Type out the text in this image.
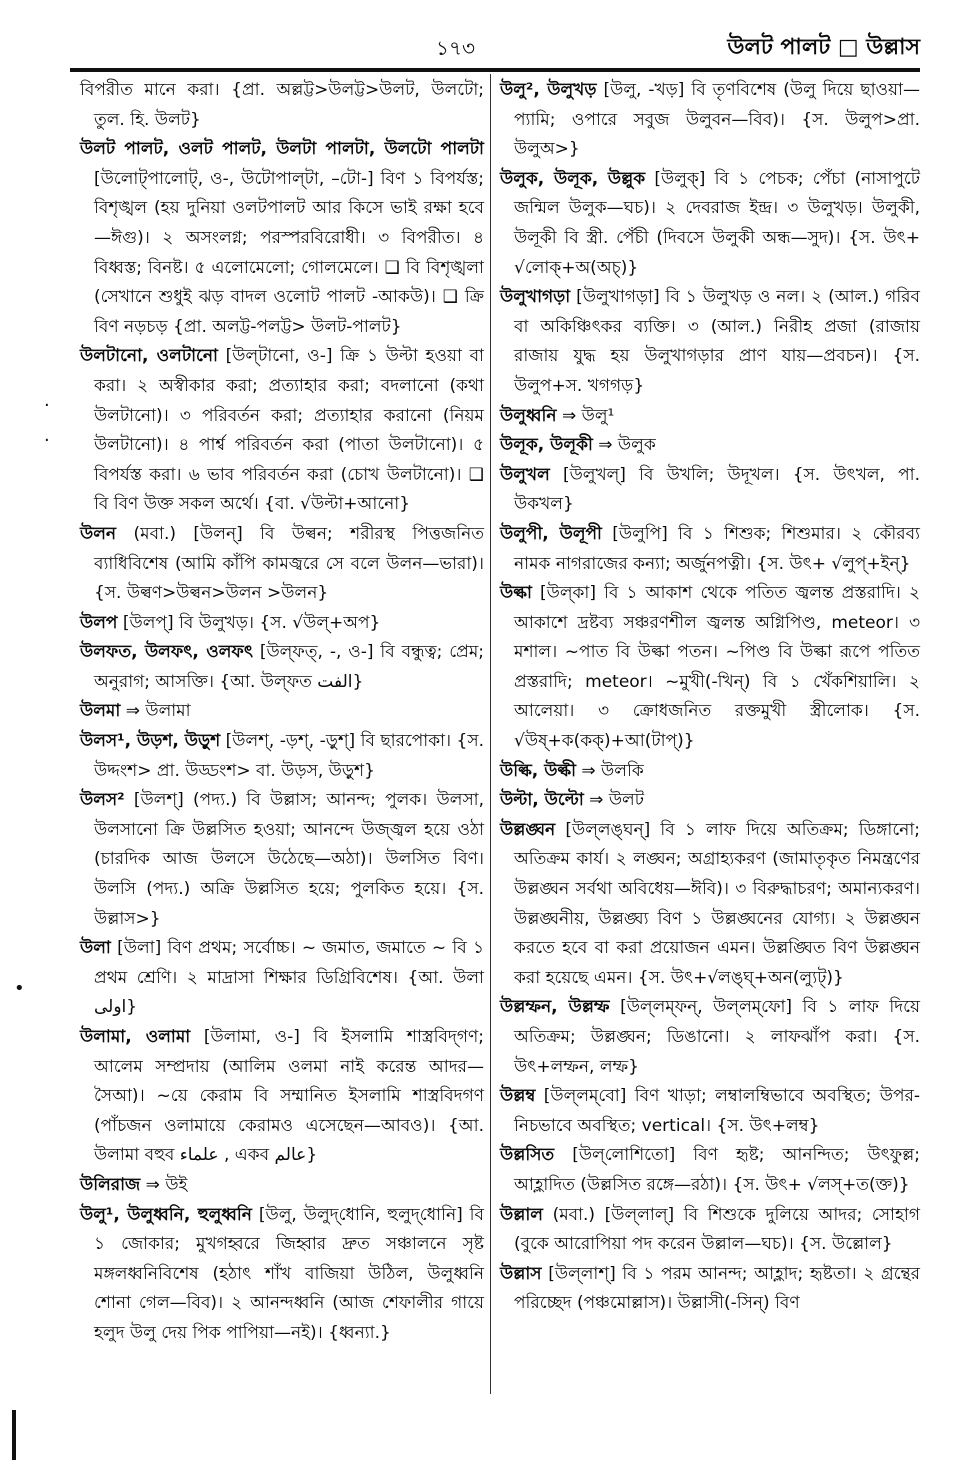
১৭৩	উলট পালট □ উল্লাস
·
·
•

বিপরীত মানে করা। {প্রা. অল্লট্ট>উলট্ট>উলট, উলটো; তুল. হি. উলট}

উলট পালট, ওলট পালট, উলটা পালটা, উলটো পালটা [উলোট্‌পালোট্‌, ও-, উটোপাল্‌টা, –টো-] বিণ ১ বিপর্যস্ত; বিশৃঙ্খল (হয় দুনিয়া ওলটপালট আর কিসে ভাই রক্ষা হবে—ঈগু)। ২ অসংলগ্ন; পরস্পরবিরোধী। ৩ বিপরীত। ৪ বিধ্বস্ত; বিনষ্ট। ৫ এলোমেলো; গোলমেলে। ❑ বি বিশৃঙ্খলা (সেখানে শুধুই ঝড় বাদল ওলোট পালট -আকউ)। ❑ ক্রি বিণ নড়চড় {প্রা. অলট্ট-পলট্ট> উলট-পালট}

উলটানো, ওলটানো [উল্‌টানো, ও-] ক্রি ১ উল্টা হওয়া বা করা। ২ অস্বীকার করা; প্রত্যাহার করা; বদলানো (কথা উলটানো)। ৩ পরিবর্তন করা; প্রত্যাহার করানো (নিয়ম উলটানো)। ৪ পার্শ্ব পরিবর্তন করা (পাতা উলটানো)। ৫ বিপর্যস্ত করা। ৬ ভাব পরিবর্তন করা (চোখ উলটানো)। ❑ বি বিণ উক্ত সকল অর্থে। {বা. √উল্টা+আনো}

উলন (মবা.) [উলন্‌] বি উল্বন; শরীরস্থ পিত্তজনিত ব্যাধিবিশেষ (আমি কাঁপি কামজ্বরে সে বলে উলন—ভারা)। {স. উল্বণ>উল্বন>উলন >উলন}

উলপ [উলপ্‌] বি উলুখড়। {স. √উল্‌+অপ}

উলফত, উলফৎ, ওলফৎ [উল্‌ফত্‌, -, ও-] বি বন্ধুত্ব; প্রেম; অনুরাগ; আসক্তি। {আ. উল্‌ফত الفت}

উলমা ⇒ উলামা

উলস¹, উড়শ, উড়ুশ [উলশ্‌, -ড়শ্‌, -ড়ুশ্‌] বি ছারপোকা। {স. উদ্দংশ> প্রা. উড্ডংশ> বা. উড়স, উড়ুশ}

উলস² [উলশ্‌] (পদ্য.) বি উল্লাস; আনন্দ; পুলক। উলসা, উলসানো ক্রি উল্লসিত হওয়া; আনন্দে উজ্জ্বল হয়ে ওঠা (চারদিক আজ উলসে উঠেছে—অঠা)। উলসিত বিণ। উলসি (পদ্য.) অক্রি উল্লসিত হয়ে; পুলকিত হয়ে। {স. উল্লাস>}

উলা [উলা] বিণ প্রথম; সর্বোচ্চ। ~ জমাত, জমাতে ~ বি ১ প্রথম শ্রেণি। ২ মাদ্রাসা শিক্ষার ডিগ্রিবিশেষ। {আ. উলা اولی}

উলামা, ওলামা [উলামা, ও-] বি ইসলামি শাস্ত্রবিদ্‌গণ; আলেম সম্প্রদায় (আলিম ওলমা নাই করেন্ত আদর—সৈআ)। ~য়ে কেরাম বি সম্মানিত ইসলামি শাস্ত্রবিদগণ (পাঁচজন ওলামায়ে কেরামও এসেছেন—আবও)। {আ. উলামা বহুব علماء , একব عالم}

উলিরাজ ⇒ উই

উলু¹, উলুধ্বনি, হুলুধ্বনি [উলু, উলুদ্‌ধোনি, হুলুদ্‌ধোনি] বি ১ জোকার; মুখগহ্বরে জিহ্বার দ্রুত সঞ্চালনে সৃষ্ট মঙ্গলধ্বনিবিশেষ (হঠাৎ শাঁখ বাজিয়া উঠিল, উলুধ্বনি শোনা গেল—বিব)। ২ আনন্দধ্বনি (আজ শেফালীর গায়ে হলুদ উলু দেয় পিক পাপিয়া—নই)। {ধ্বন্যা.}

উলু², উলুখড় [উলু, -খড়] বি তৃণবিশেষ (উলু দিয়ে ছাওয়া—প্যামি; ওপারে সবুজ উলুবন—বিব)। {স. উলুপ>প্রা. উলুঅ>}

উলুক, উলূক, উল্লুক [উলুক্‌] বি ১ পেচক; পেঁচা (নাসাপুটে জন্মিল উলুক—ঘচ)। ২ দেবরাজ ইন্দ্র। ৩ উলুখড়। উলুকী, উলূকী বি স্ত্রী. পেঁচী (দিবসে উলুকী অন্ধ—সুদ)। {স. উৎ+ √লোক্‌+অ(অচ্‌)}

উলুখাগড়া [উলুখাগড়া] বি ১ উলুখড় ও নল। ২ (আল.) গরিব বা অকিঞ্চিৎকর ব্যক্তি। ৩ (আল.) নিরীহ প্রজা (রাজায় রাজায় যুদ্ধ হয় উলুখাগড়ার প্রাণ যায়—প্রবচন)। {স. উলুপ+স. খগগড়}

উলুধ্বনি ⇒ উলু¹

উলূক, উলূকী ⇒ উলুক

উলুখল [উলুখল্‌] বি উখলি; উদূখল। {স. উৎখল, পা. উকখল}

উলুপী, উলূপী [উলুপি] বি ১ শিশুক; শিশুমার। ২ কৌরব্য নামক নাগরাজের কন্যা; অর্জুনপত্নী। {স. উৎ+ √লুপ্‌+ইন্‌}

উল্কা [উল্‌কা] বি ১ আকাশ থেকে পতিত জ্বলন্ত প্রস্তরাদি। ২ আকাশে দ্রষ্টব্য সঞ্চরণশীল জ্বলন্ত অগ্নিপিণ্ড, meteor। ৩ মশাল। ~পাত বি উল্কা পতন। ~পিণ্ড বি উল্কা রূপে পতিত প্রস্তরাদি; meteor। ~মুখী(-খিন্‌) বি ১ খেঁকশিয়ালি। ২ আলেয়া। ৩ ক্রোধজনিত রক্তমুখী স্ত্রীলোক। {স. √উষ্‌+ক(কক্‌)+আ(টাপ্‌)}

উল্কি, উল্কী ⇒ উলকি

উল্টা, উল্টো ⇒ উলট

উল্লঙ্ঘন [উল্‌লঙ্‌ঘন্‌] বি ১ লাফ দিয়ে অতিক্রম; ডিঙ্গানো; অতিক্রম কার্য। ২ লঙ্ঘন; অগ্রাহ্যকরণ (জামাতৃকৃত নিমন্ত্রণের উল্লঙ্ঘন সর্বথা অবিধেয়—ঈবি)। ৩ বিরুদ্ধাচরণ; অমান্যকরণ। উল্লঙ্ঘনীয়, উল্লঙ্ঘ্য বিণ ১ উল্লঙ্ঘনের যোগ্য। ২ উল্লঙ্ঘন করতে হবে বা করা প্রয়োজন এমন। উল্লঙ্ঘিত বিণ উল্লঙ্ঘন করা হয়েছে এমন। {স. উৎ+√লঙ্ঘ্‌+অন(ল্যুট্‌)}

উল্লম্ফন, উল্লম্ফ [উল্‌লম্‌ফন্‌, উল্‌লম্‌ফো] বি ১ লাফ দিয়ে অতিক্রম; উল্লঙ্ঘন; ডিঙানো। ২ লাফঝাঁপ করা। {স. উৎ+লম্ফন, লম্ফ}

উল্লম্ব [উল্‌লম্‌বো] বিণ খাড়া; লম্বালম্বিভাবে অবস্থিত; উপর-নিচভাবে অবস্থিত; vertical। {স. উৎ+লম্ব}

উল্লসিত [উল্‌লোশিতো] বিণ হৃষ্ট; আনন্দিত; উৎফুল্ল; আহ্লাদিত (উল্লসিত রঙ্গে—রঠা)। {স. উৎ+ √লস্‌+ত(ক্ত)}

উল্লাল (মবা.) [উল্‌লাল্‌] বি শিশুকে দুলিয়ে আদর; সোহাগ (বুকে আরোপিয়া পদ করেন উল্লাল—ঘচ)। {স. উল্লোল}

উল্লাস [উল্‌লাশ্‌] বি ১ পরম আনন্দ; আহ্লাদ; হৃষ্টতা। ২ গ্রন্থের পরিচ্ছেদ (পঞ্চমোল্লাস)। উল্লাসী(-সিন্‌) বিণ
